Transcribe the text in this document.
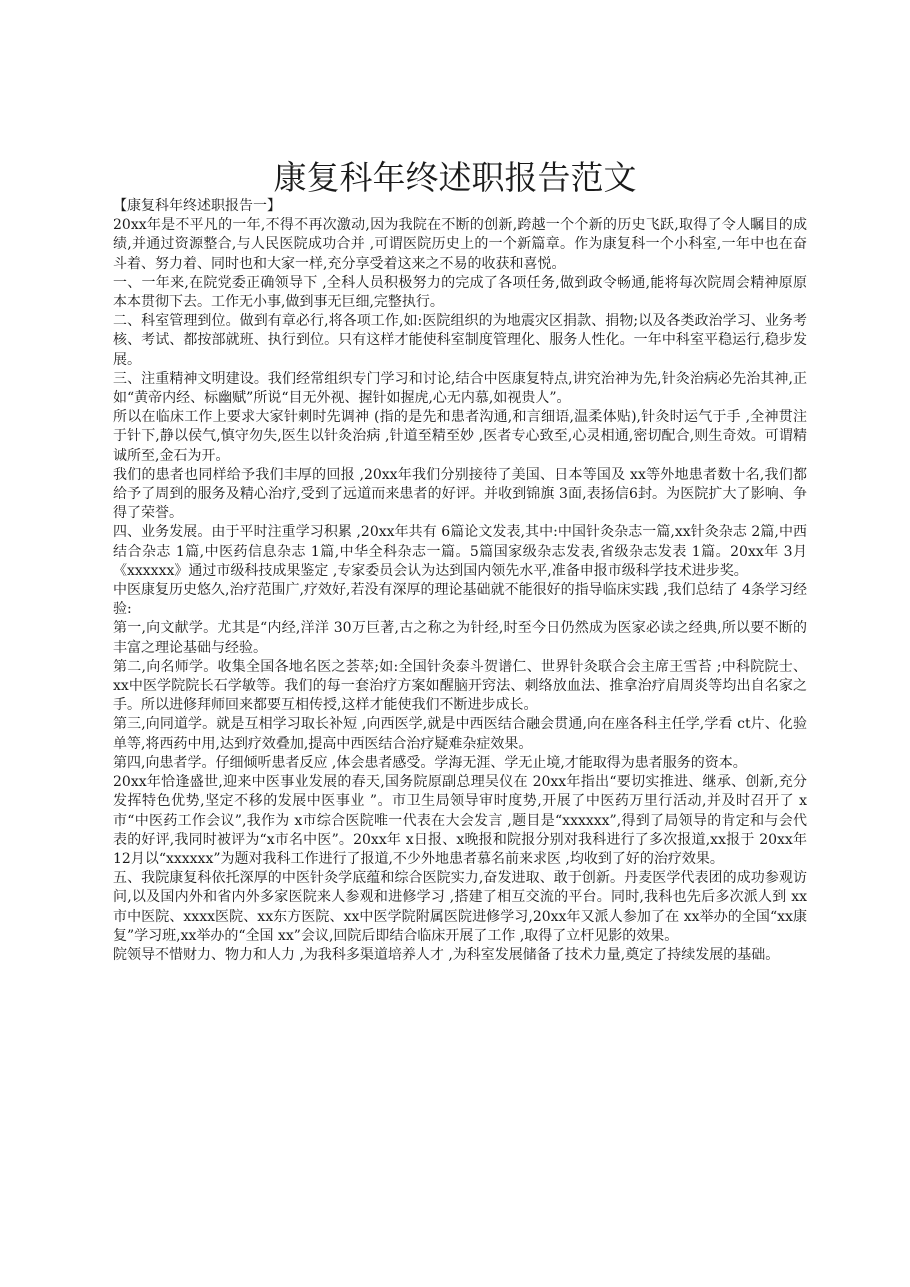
康复科年终述职报告范文

【康复科年终述职报告一】

20xx年是不平凡的一年,不得不再次激动,因为我院在不断的创新,跨越一个个新的历史飞跃,取得了令人瞩目的成绩,并通过资源整合,与人民医院成功合并 ,可谓医院历史上的一个新篇章。作为康复科一个小科室,一年中也在奋斗着、努力着、同时也和大家一样,充分享受着这来之不易的收获和喜悦。

一、一年来,在院党委正确领导下 ,全科人员积极努力的完成了各项任务,做到政令畅通,能将每次院周会精神原原本本贯彻下去。工作无小事,做到事无巨细,完整执行。

二、科室管理到位。做到有章必行,将各项工作,如:医院组织的为地震灾区捐款、捐物;以及各类政治学习、业务考核、考试、都按部就班、执行到位。只有这样才能使科室制度管理化、服务人性化。一年中科室平稳运行,稳步发展。

三、注重精神文明建设。我们经常组织专门学习和讨论,结合中医康复特点,讲究治神为先,针灸治病必先治其神,正如“黄帝内经、标幽赋”所说“目无外视、握针如握虎,心无内慕,如视贵人”。

所以在临床工作上要求大家针刺时先调神 (指的是先和患者沟通,和言细语,温柔体贴),针灸时运气于手 ,全神贯注于针下,静以侯气,慎守勿失,医生以针灸治病 ,针道至精至妙 ,医者专心致至,心灵相通,密切配合,则生奇效。可谓精诚所至,金石为开。

我们的患者也同样给予我们丰厚的回报 ,20xx年我们分别接待了美国、日本等国及 xx等外地患者数十名,我们都给予了周到的服务及精心治疗,受到了远道而来患者的好评。并收到锦旗 3面,表扬信6封。为医院扩大了影响、争得了荣誉。

四、业务发展。由于平时注重学习积累 ,20xx年共有 6篇论文发表,其中:中国针灸杂志一篇,xx针灸杂志 2篇,中西结合杂志 1篇,中医药信息杂志 1篇,中华全科杂志一篇。5篇国家级杂志发表,省级杂志发表 1篇。20xx年 3月《xxxxxx》通过市级科技成果鉴定 ,专家委员会认为达到国内领先水平,准备申报市级科学技术进步奖。

中医康复历史悠久,治疗范围广,疗效好,若没有深厚的理论基础就不能很好的指导临床实践 ,我们总结了 4条学习经验:

第一,向文献学。尤其是“内经,洋洋 30万巨著,古之称之为针经,时至今日仍然成为医家必读之经典,所以要不断的丰富之理论基础与经验。

第二,向名师学。收集全国各地名医之荟萃;如:全国针灸泰斗贺谱仁、世界针灸联合会主席王雪苔 ;中科院院士、 xx中医学院院长石学敏等。我们的每一套治疗方案如醒脑开窍法、刺络放血法、推拿治疗肩周炎等均出自名家之手。所以进修拜师回来都要互相传授,这样才能使我们不断进步成长。

第三,向同道学。就是互相学习取长补短 ,向西医学,就是中西医结合融会贯通,向在座各科主任学,学看 ct片、化验单等,将西药中用,达到疗效叠加,提高中西医结合治疗疑难杂症效果。

第四,向患者学。仔细倾听患者反应 ,体会患者感受。学海无涯、学无止境,才能取得为患者服务的资本。

20xx年恰逢盛世,迎来中医事业发展的春天,国务院原副总理吴仪在 20xx年指出“要切实推进、继承、创新,充分发挥特色优势,坚定不移的发展中医事业 ”。市卫生局领导审时度势,开展了中医药万里行活动,并及时召开了 x市“中医药工作会议”,我作为 x市综合医院唯一代表在大会发言 ,题目是“xxxxxx”,得到了局领导的肯定和与会代表的好评,我同时被评为“x市名中医”。20xx年 x日报、x晚报和院报分别对我科进行了多次报道,xx报于 20xx年 12月以“xxxxxx”为题对我科工作进行了报道,不少外地患者慕名前来求医 ,均收到了好的治疗效果。

五、我院康复科依托深厚的中医针灸学底蕴和综合医院实力,奋发进取、敢于创新。丹麦医学代表团的成功参观访问,以及国内外和省内外多家医院来人参观和进修学习 ,搭建了相互交流的平台。同时,我科也先后多次派人到 xx市中医院、xxxx医院、xx东方医院、xx中医学院附属医院进修学习,20xx年又派人参加了在 xx举办的全国“xx康复”学习班,xx举办的“全国 xx”会议,回院后即结合临床开展了工作 ,取得了立杆见影的效果。

院领导不惜财力、物力和人力 ,为我科多渠道培养人才 ,为科室发展储备了技术力量,奠定了持续发展的基础。
